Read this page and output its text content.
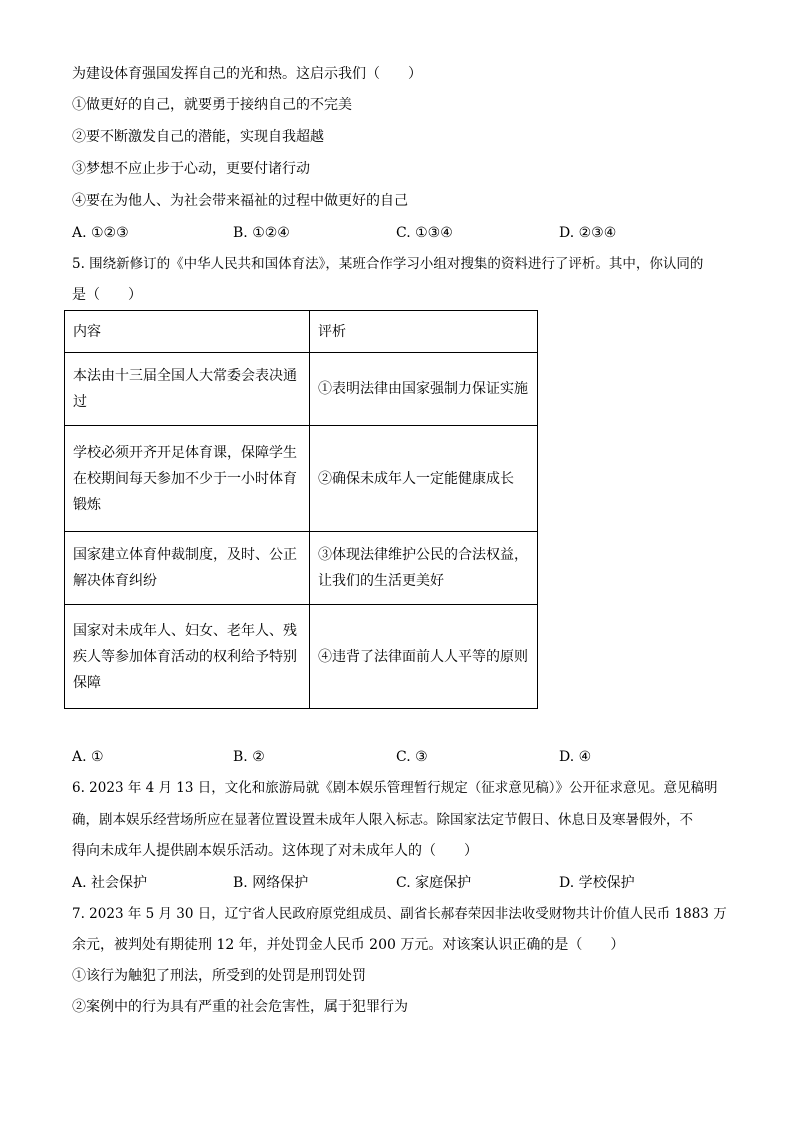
为建设体育强国发挥自己的光和热。这启示我们（　　）
①做更好的自己，就要勇于接纳自己的不完美
②要不断激发自己的潜能，实现自我超越
③梦想不应止步于心动，更要付诸行动
④要在为他人、为社会带来福祉的过程中做更好的自己
A. ①②③	B. ①②④	C. ①③④	D. ②③④
5. 围绕新修订的《中华人民共和国体育法》，某班合作学习小组对搜集的资料进行了评析。其中，你认同的
是（　　）
内容	评析
本法由十三届全国人大常委会表决通过	①表明法律由国家强制力保证实施
学校必须开齐开足体育课，保障学生在校期间每天参加不少于一小时体育锻炼	②确保未成年人一定能健康成长
国家建立体育仲裁制度，及时、公正解决体育纠纷	③体现法律维护公民的合法权益，让我们的生活更美好
国家对未成年人、妇女、老年人、残疾人等参加体育活动的权利给予特别保障	④违背了法律面前人人平等的原则
A. ①	B. ②	C. ③	D. ④
6. 2023 年 4 月 13 日，文化和旅游局就《剧本娱乐管理暂行规定（征求意见稿）》公开征求意见。意见稿明
确，剧本娱乐经营场所应在显著位置设置未成年人限入标志。除国家法定节假日、休息日及寒暑假外，不
得向未成年人提供剧本娱乐活动。这体现了对未成年人的（　　）
A. 社会保护	B. 网络保护	C. 家庭保护	D. 学校保护
7. 2023 年 5 月 30 日，辽宁省人民政府原党组成员、副省长郝春荣因非法收受财物共计价值人民币 1883 万
余元，被判处有期徒刑 12 年，并处罚金人民币 200 万元。对该案认识正确的是（　　）
①该行为触犯了刑法，所受到的处罚是刑罚处罚
②案例中的行为具有严重的社会危害性，属于犯罪行为
